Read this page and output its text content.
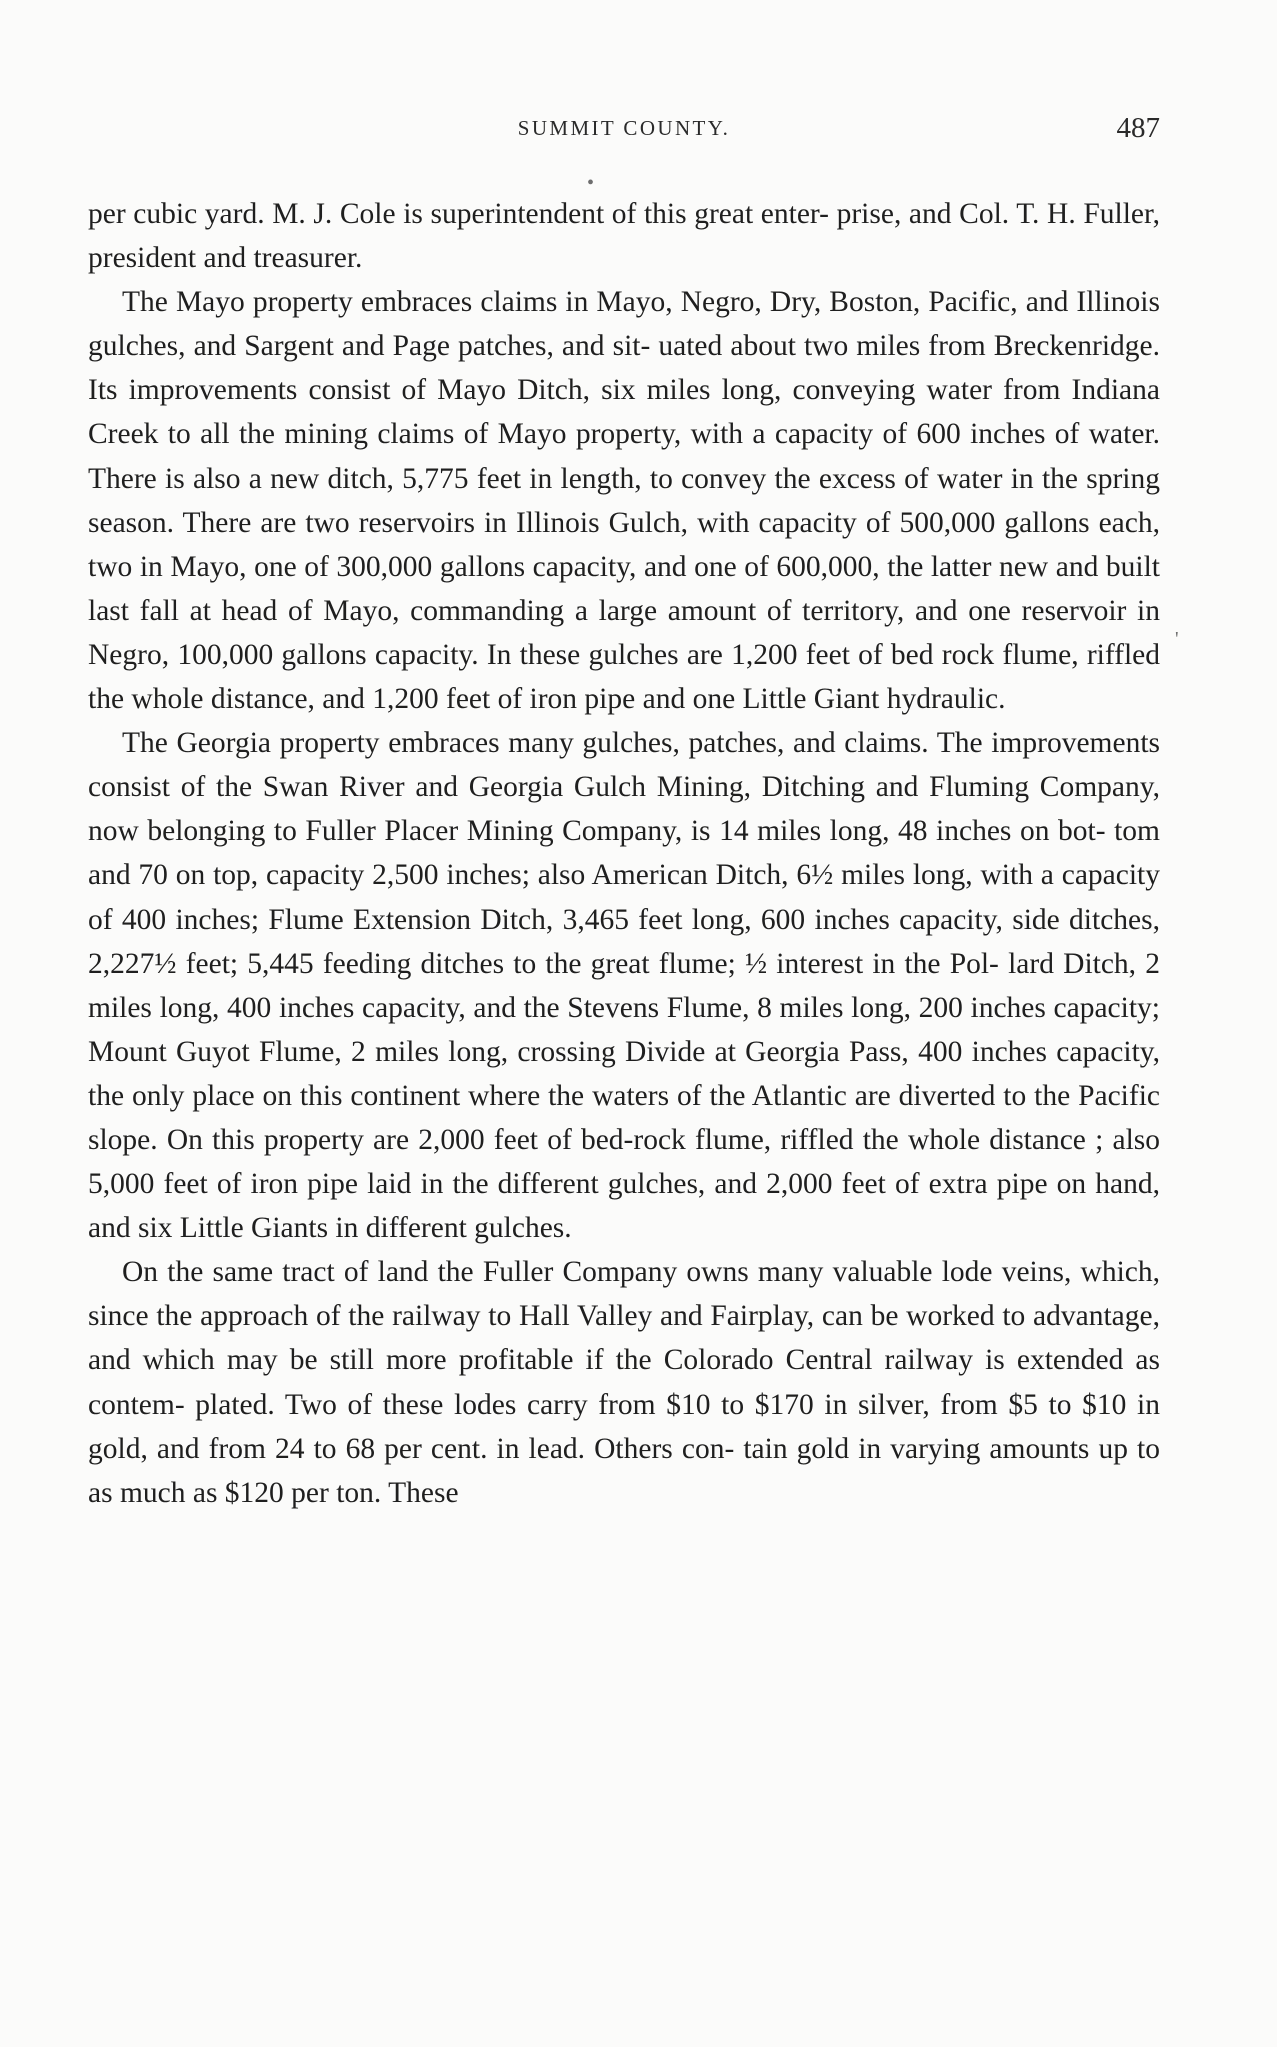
SUMMIT COUNTY.	487
•
'

per cubic yard. M. J. Cole is superintendent of this great enter- prise, and Col. T. H. Fuller, president and treasurer.

The Mayo property embraces claims in Mayo, Negro, Dry, Boston, Pacific, and Illinois gulches, and Sargent and Page patches, and sit- uated about two miles from Breckenridge. Its improvements consist of Mayo Ditch, six miles long, conveying water from Indiana Creek to all the mining claims of Mayo property, with a capacity of 600 inches of water. There is also a new ditch, 5,775 feet in length, to convey the excess of water in the spring season. There are two reservoirs in Illinois Gulch, with capacity of 500,000 gallons each, two in Mayo, one of 300,000 gallons capacity, and one of 600,000, the latter new and built last fall at head of Mayo, commanding a large amount of territory, and one reservoir in Negro, 100,000 gallons capacity. In these gulches are 1,200 feet of bed rock flume, riffled the whole distance, and 1,200 feet of iron pipe and one Little Giant hydraulic.

The Georgia property embraces many gulches, patches, and claims. The improvements consist of the Swan River and Georgia Gulch Mining, Ditching and Fluming Company, now belonging to Fuller Placer Mining Company, is 14 miles long, 48 inches on bot- tom and 70 on top, capacity 2,500 inches; also American Ditch, 6½ miles long, with a capacity of 400 inches; Flume Extension Ditch, 3,465 feet long, 600 inches capacity, side ditches, 2,227½ feet; 5,445 feeding ditches to the great flume; ½ interest in the Pol- lard Ditch, 2 miles long, 400 inches capacity, and the Stevens Flume, 8 miles long, 200 inches capacity; Mount Guyot Flume, 2 miles long, crossing Divide at Georgia Pass, 400 inches capacity, the only place on this continent where the waters of the Atlantic are diverted to the Pacific slope. On this property are 2,000 feet of bed-rock flume, riffled the whole distance ; also 5,000 feet of iron pipe laid in the different gulches, and 2,000 feet of extra pipe on hand, and six Little Giants in different gulches.

On the same tract of land the Fuller Company owns many valuable lode veins, which, since the approach of the railway to Hall Valley and Fairplay, can be worked to advantage, and which may be still more profitable if the Colorado Central railway is extended as contem- plated. Two of these lodes carry from $10 to $170 in silver, from $5 to $10 in gold, and from 24 to 68 per cent. in lead. Others con- tain gold in varying amounts up to as much as $120 per ton. These
